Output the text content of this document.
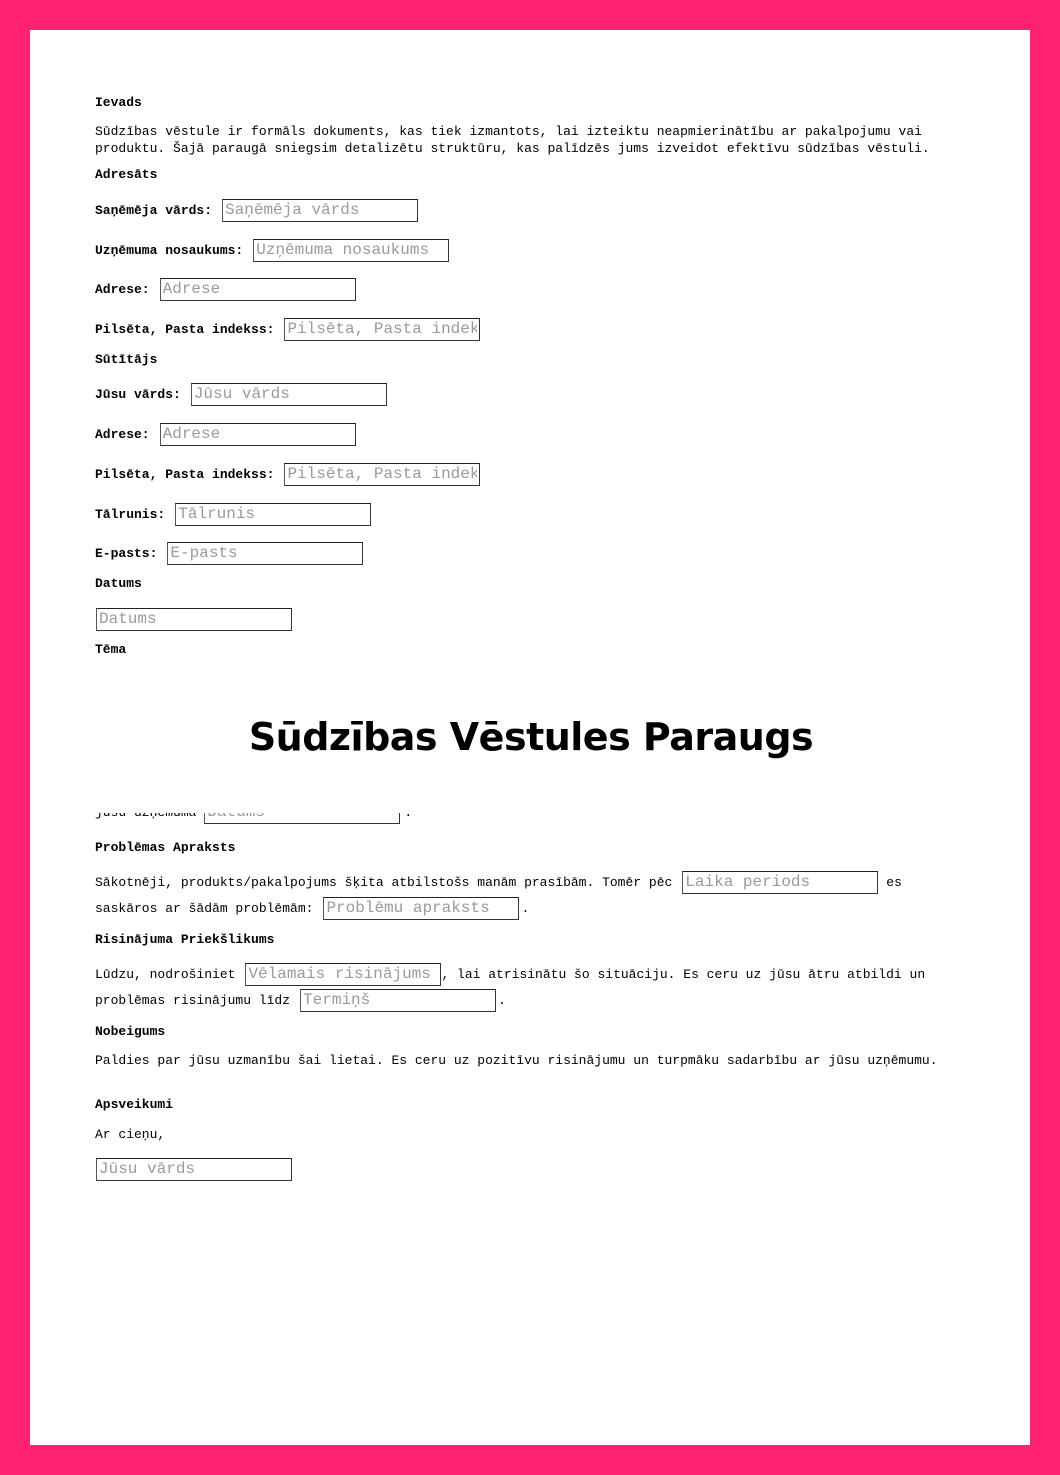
Ievads

Sūdzības vēstule ir formāls dokuments, kas tiek izmantots, lai izteiktu neapmierinātību ar pakalpojumu vai produktu. Šajā paraugā sniegsim detalizētu struktūru, kas palīdzēs jums izveidot efektīvu sūdzības vēstuli.

Adresāts
Saņēmēja vārds:
Saņēmēja vārds
Uzņēmuma nosaukums:
Uzņēmuma nosaukums
Adrese:
Adrese
Pilsēta, Pasta indekss:
Pilsēta, Pasta indekss
Sūtītājs
Jūsu vārds:
Jūsu vārds
Adrese:
Adrese
Pilsēta, Pasta indekss:
Pilsēta, Pasta indekss
Tālrunis:
Tālrunis
E-pasts:
E-pasts
Datums
Datums
Tēma
Datums
Problēmas Apraksts
Sākotnēji, produkts/pakalpojums šķita atbilstošs manām prasībām. Tomēr pēc
Laika periods	es
saskāros ar šādām problēmām:
Problēmu apraksts	.
Risinājuma Priekšlikums
Lūdzu, nodrošiniet
Vēlamais risinājums	, lai atrisinātu šo situāciju. Es ceru uz jūsu ātru atbildi un
problēmas risinājumu līdz
Termiņš	.
Nobeigums

Paldies par jūsu uzmanību šai lietai. Es ceru uz pozitīvu risinājumu un turpmāku sadarbību ar jūsu uzņēmumu.

Apsveikumi
Ar cieņu,
Jūsu vārds
Sūdzības Vēstules Paraugs
